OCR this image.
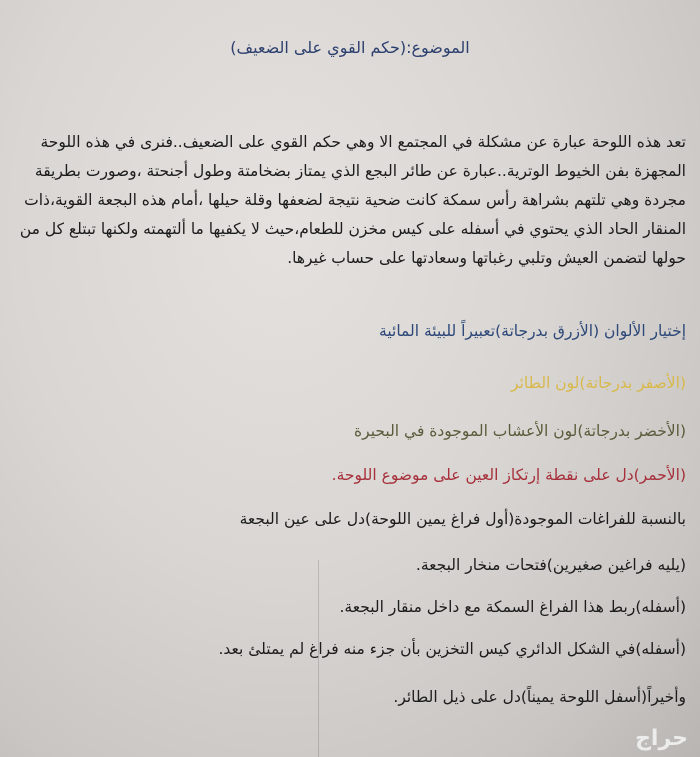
الموضوع:(حكم القوي على الضعيف)
تعد هذه اللوحة عبارة عن مشكلة في المجتمع الا وهي حكم القوي على الضعيف..فنرى في هذه اللوحة المجهزة بفن الخيوط الوترية..عبارة عن طائر البجع الذي يمتاز بضخامتة وطول أجنحتة ،وصورت بطريقة مجردة وهي تلتهم بشراهة رأس سمكة كانت ضحية نتيجة لضعفها وقلة حيلها ،أمام هذه البجعة القوية،ذات المنقار الحاد الذي يحتوي في أسفله على كيس مخزن للطعام،حيث لا يكفيها ما ألتهمته ولكنها تبتلع كل من حولها لتضمن العيش وتلبي رغباتها وسعادتها على حساب غيرها.
إختيار الألوان (الأزرق بدرجاتة)تعبيراً للبيئة المائية
(الأصفر بدرجاتة)لون الطائر
(الأخضر بدرجاتة)لون الأعشاب الموجودة في البحيرة
(الأحمر)دل على نقطة إرتكاز العين على موضوع اللوحة.
بالنسبة للفراغات الموجودة(أول فراغ يمين اللوحة)دل على عين البجعة
(يليه فراغين صغيرين)فتحات منخار البجعة.
(أسفله)ربط هذا الفراغ السمكة مع داخل منقار البجعة.
(أسفله)في الشكل الدائري كيس التخزين بأن جزء منه فراغ لم يمتلئ بعد.
وأخيراً(أسفل اللوحة يميناً)دل على ذيل الطائر.
حراج
